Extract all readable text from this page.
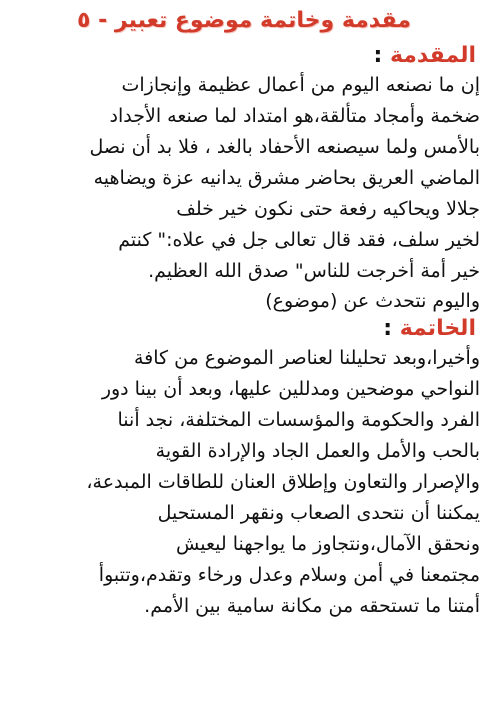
مقدمة وخاتمة موضوع تعبير - ٥
المقدمة :
إن ما نصنعه اليوم من أعمال عظيمة وإنجازات
ضخمة وأمجاد متألقة،هو امتداد لما صنعه الأجداد
بالأمس ولما سيصنعه الأحفاد بالغد ، فلا بد أن نصل
الماضي العريق بحاضر مشرق يدانيه عزة ويضاهيه
جلالا ويحاكيه رفعة حتى نكون خير خلف
لخير سلف، فقد قال تعالى جل في علاه:" كنتم
خير أمة أخرجت للناس" صدق الله العظيم.
واليوم نتحدث عن (موضوع)
الخاتمة :
وأخيرا،وبعد تحليلنا لعناصر الموضوع من كافة
النواحي موضحين ومدللين عليها، وبعد أن بينا دور
الفرد والحكومة والمؤسسات المختلفة، نجد أننا
بالحب والأمل والعمل الجاد والإرادة القوية
والإصرار والتعاون وإطلاق العنان للطاقات المبدعة،
يمكننا أن نتحدى الصعاب ونقهر المستحيل
ونحقق الآمال،ونتجاوز ما يواجهنا ليعيش
مجتمعنا في أمن وسلام وعدل ورخاء وتقدم،وتتبوأ
أمتنا ما تستحقه من مكانة سامية بين الأمم.
